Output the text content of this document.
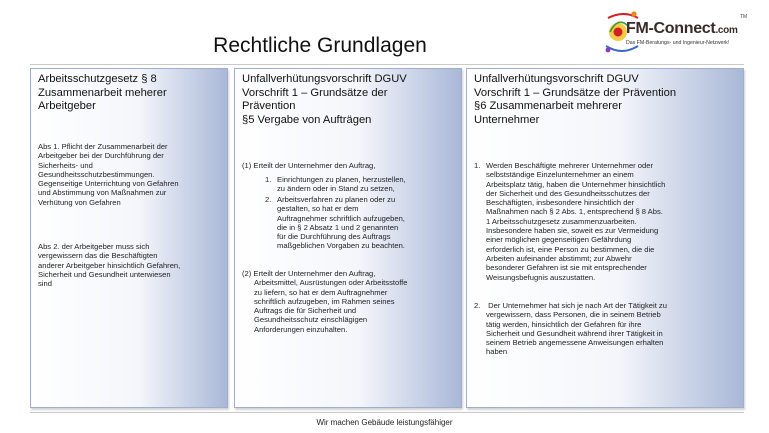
Rechtliche Grundlagen
FM-Connect.com
TM
Das FM-Beratungs- und Ingenieur-Netzwerk!
Arbeitsschutzgesetz § 8
Zusammenarbeit meherer
Arbeitgeber
Abs 1. Pflicht der Zusammenarbeit der
Arbeitgeber bei der Durchführung der
Sicherheits- und
Gesundheitsschutzbestimmungen.
Gegenseitige Unterrichtung von Gefahren
und Abstimmung von Maßnahmen zur
Verhütung von Gefahren
Abs 2. der Arbeitgeber muss sich
vergewissern das die Beschäftigten
anderer Arbeitgeber hinsichtlich Gefahren,
Sicherheit und Gesundheit unterwiesen
sind
Unfallverhütungsvorschrift DGUV
Vorschrift 1 – Grundsätze der
Prävention
§5 Vergabe von Aufträgen
(1) Erteilt der Unternehmer den Auftrag,
1. Einrichtungen zu planen, herzustellen,
zu ändern oder in Stand zu setzen,
2. Arbeitsverfahren zu planen oder zu
gestalten, so hat er dem
Auftragnehmer schriftlich aufzugeben,
die in § 2 Absatz 1 und 2 genannten
für die Durchführung des Auftrags
maßgeblichen Vorgaben zu beachten.
(2) Erteilt der Unternehmer den Auftrag,
Arbeitsmittel, Ausrüstungen oder Arbeitsstoffe
zu liefern, so hat er dem Auftragnehmer
schriftlich aufzugeben, im Rahmen seines
Auftrags die für Sicherheit und
Gesundheitsschutz einschlägigen
Anforderungen einzuhalten.
Unfallverhütungsvorschrift DGUV
Vorschrift 1 – Grundsätze der Prävention
§6 Zusammenarbeit mehrerer
Unternehmer
1. Werden Beschäftigte mehrerer Unternehmer oder
selbstständige Einzelunternehmer an einem
Arbeitsplatz tätig, haben die Unternehmer hinsichtlich
der Sicherheit und des Gesundheitsschutzes der
Beschäftigten, insbesondere hinsichtlich der
Maßnahmen nach § 2 Abs. 1, entsprechend § 8 Abs.
1 Arbeitsschutzgesetz zusammenzuarbeiten.
Insbesondere haben sie, soweit es zur Vermeidung
einer möglichen gegenseitigen Gefährdung
erforderlich ist, eine Person zu bestimmen, die die
Arbeiten aufeinander abstimmt; zur Abwehr
besonderer Gefahren ist sie mit entsprechender
Weisungsbefugnis auszustatten.
2. Der Unternehmer hat sich je nach Art der Tätigkeit zu
vergewissern, dass Personen, die in seinem Betrieb
tätig werden, hinsichtlich der Gefahren für ihre
Sicherheit und Gesundheit während ihrer Tätigkeit in
seinem Betrieb angemessene Anweisungen erhalten
haben
Wir machen Gebäude leistungsfähiger
